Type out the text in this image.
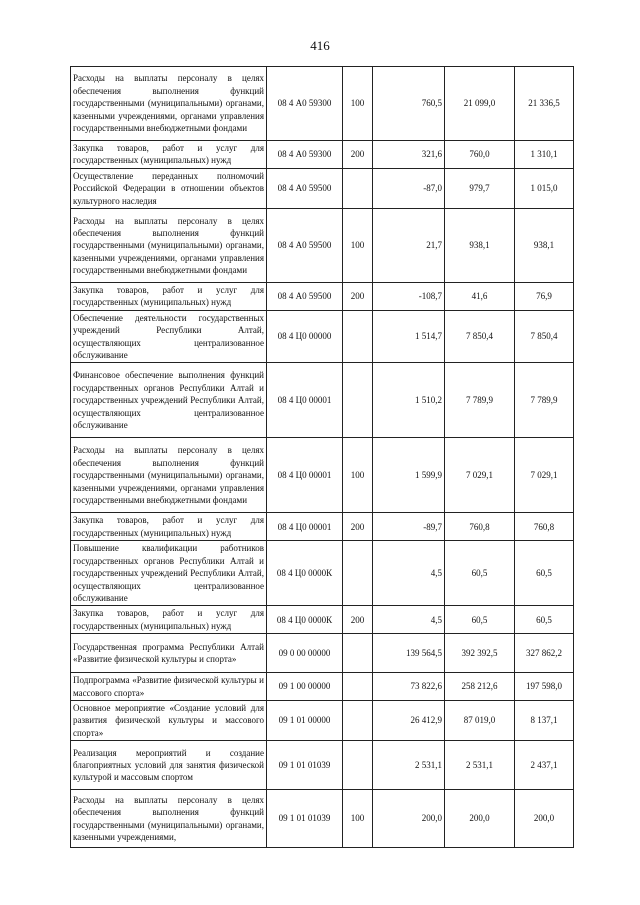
416
Расходы на выплаты персоналу в целях обеспечения выполнения функций государственными (муниципальными) органами, казенными учреждениями, органами управления государственными внебюджетными фондами	08 4 А0 59300	100	760,5	21 099,0	21 336,5
Закупка товаров, работ и услуг для государственных (муниципальных) нужд	08 4 А0 59300	200	321,6	760,0	1 310,1
Осуществление переданных полномочий Российской Федерации в отношении объектов культурного наследия	08 4 А0 59500		-87,0	979,7	1 015,0
Расходы на выплаты персоналу в целях обеспечения выполнения функций государственными (муниципальными) органами, казенными учреждениями, органами управления государственными внебюджетными фондами	08 4 А0 59500	100	21,7	938,1	938,1
Закупка товаров, работ и услуг для государственных (муниципальных) нужд	08 4 А0 59500	200	-108,7	41,6	76,9
Обеспечение деятельности государственных учреждений Республики Алтай, осуществляющих централизованное обслуживание	08 4 Ц0 00000		1 514,7	7 850,4	7 850,4
Финансовое обеспечение выполнения функций государственных органов Республики Алтай и государственных учреждений Республики Алтай, осуществляющих централизованное обслуживание	08 4 Ц0 00001		1 510,2	7 789,9	7 789,9
Расходы на выплаты персоналу в целях обеспечения выполнения функций государственными (муниципальными) органами, казенными учреждениями, органами управления государственными внебюджетными фондами	08 4 Ц0 00001	100	1 599,9	7 029,1	7 029,1
Закупка товаров, работ и услуг для государственных (муниципальных) нужд	08 4 Ц0 00001	200	-89,7	760,8	760,8
Повышение квалификации работников государственных органов Республики Алтай и государственных учреждений Республики Алтай, осуществляющих централизованное обслуживание	08 4 Ц0 0000К		4,5	60,5	60,5
Закупка товаров, работ и услуг для государственных (муниципальных) нужд	08 4 Ц0 0000К	200	4,5	60,5	60,5
Государственная программа Республики Алтай «Развитие физической культуры и спорта»	09 0 00 00000		139 564,5	392 392,5	327 862,2
Подпрограмма «Развитие физической культуры и массового спорта»	09 1 00 00000		73 822,6	258 212,6	197 598,0
Основное мероприятие «Создание условий для развития физической культуры и массового спорта»	09 1 01 00000		26 412,9	87 019,0	8 137,1
Реализация мероприятий и создание благоприятных условий для занятия физической культурой и массовым спортом	09 1 01 01039		2 531,1	2 531,1	2 437,1
Расходы на выплаты персоналу в целях обеспечения выполнения функций государственными (муниципальными) органами, казенными учреждениями,	09 1 01 01039	100	200,0	200,0	200,0
